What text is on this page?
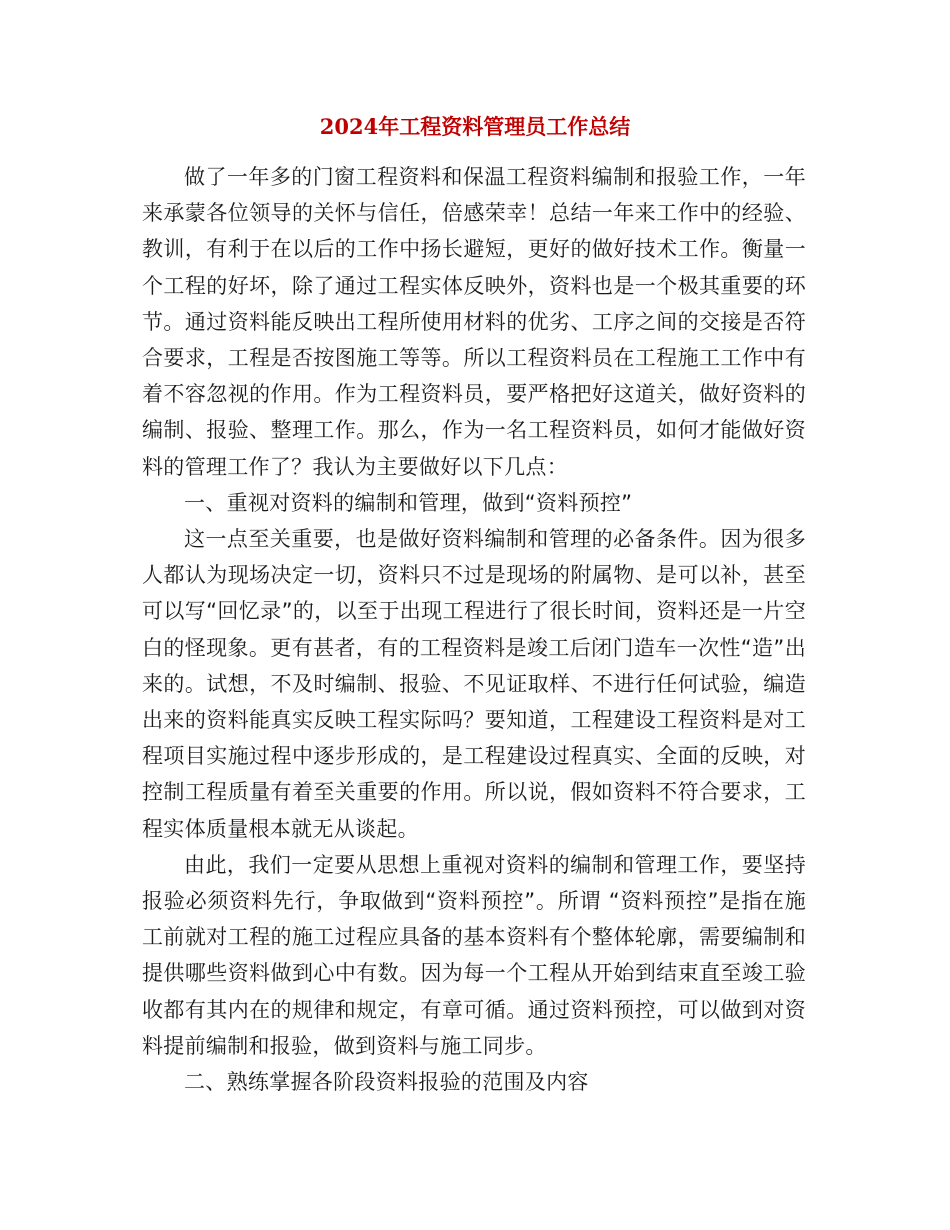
2024年工程资料管理员工作总结

做了一年多的门窗工程资料和保温工程资料编制和报验工作，一年来承蒙各位领导的关怀与信任，倍感荣幸！总结一年来工作中的经验、教训，有利于在以后的工作中扬长避短，更好的做好技术工作。衡量一个工程的好坏，除了通过工程实体反映外，资料也是一个极其重要的环节。通过资料能反映出工程所使用材料的优劣、工序之间的交接是否符合要求，工程是否按图施工等等。所以工程资料员在工程施工工作中有着不容忽视的作用。作为工程资料员，要严格把好这道关，做好资料的编制、报验、整理工作。那么，作为一名工程资料员，如何才能做好资料的管理工作了？我认为主要做好以下几点：

一、重视对资料的编制和管理，做到“资料预控”

这一点至关重要，也是做好资料编制和管理的必备条件。因为很多人都认为现场决定一切，资料只不过是现场的附属物、是可以补，甚至可以写“回忆录”的，以至于出现工程进行了很长时间，资料还是一片空白的怪现象。更有甚者，有的工程资料是竣工后闭门造车一次性“造”出来的。试想，不及时编制、报验、不见证取样、不进行任何试验，编造出来的资料能真实反映工程实际吗？要知道，工程建设工程资料是对工程项目实施过程中逐步形成的，是工程建设过程真实、全面的反映，对控制工程质量有着至关重要的作用。所以说，假如资料不符合要求，工程实体质量根本就无从谈起。

由此，我们一定要从思想上重视对资料的编制和管理工作，要坚持报验必须资料先行，争取做到“资料预控”。所谓 “资料预控”是指在施工前就对工程的施工过程应具备的基本资料有个整体轮廓，需要编制和提供哪些资料做到心中有数。因为每一个工程从开始到结束直至竣工验收都有其内在的规律和规定，有章可循。通过资料预控，可以做到对资料提前编制和报验，做到资料与施工同步。

二、熟练掌握各阶段资料报验的范围及内容
